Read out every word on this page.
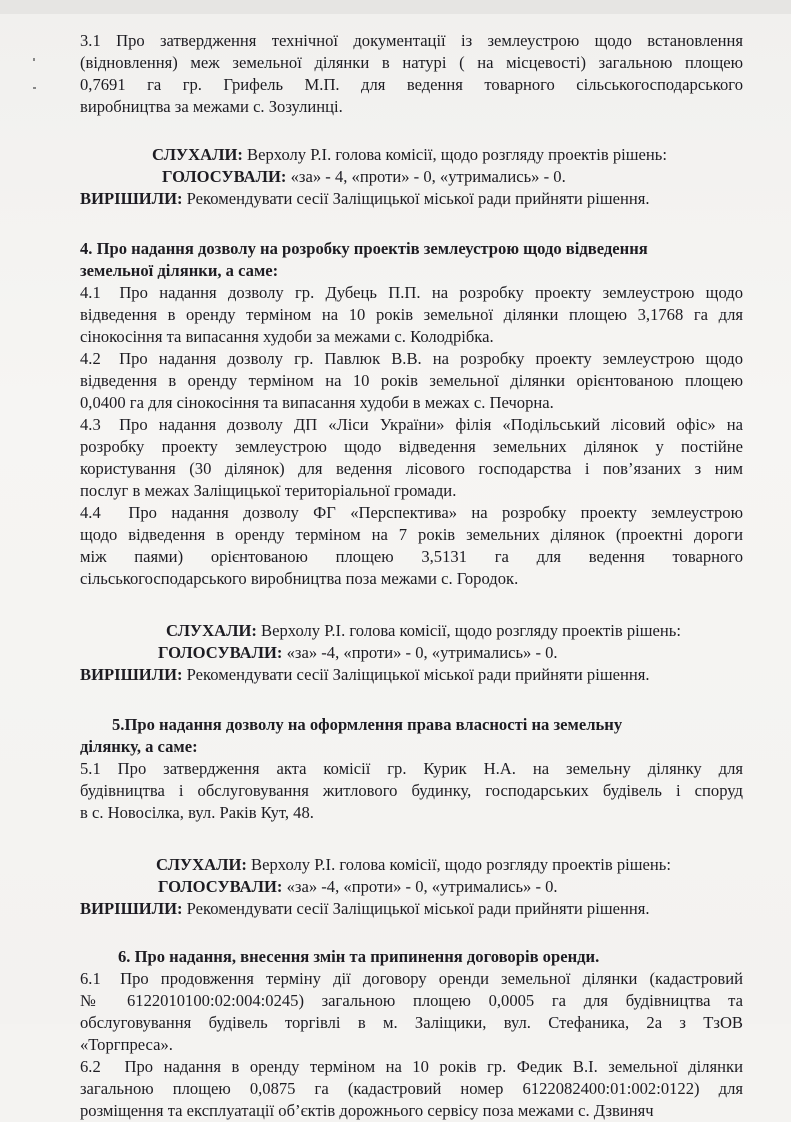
3.1 Про затвердження технічної документації із землеустрою щодо встановлення

(відновлення) меж земельної ділянки в натурі ( на місцевості) загальною площею

0,7691 га гр. Грифель М.П. для ведення товарного сільськогосподарського

виробництва за межами с. Зозулинці.

СЛУХАЛИ: Верхолу Р.І. голова комісії, щодо розгляду проектів рішень:

ГОЛОСУВАЛИ: «за» - 4, «проти» - 0, «утримались» - 0.

ВИРІШИЛИ: Рекомендувати сесії Заліщицької міської ради прийняти рішення.

4. Про надання дозволу на розробку проектів землеустрою щодо відведення

земельної ділянки, а саме:

4.1 Про надання дозволу гр. Дубець П.П. на розробку проекту землеустрою щодо

відведення в оренду терміном на 10 років земельної ділянки площею 3,1768 га для

сінокосіння та випасання худоби за межами с. Колодрібка.

4.2 Про надання дозволу гр. Павлюк В.В. на розробку проекту землеустрою щодо

відведення в оренду терміном на 10 років земельної ділянки орієнтованою площею

0,0400 га для сінокосіння та випасання худоби в межах с. Печорна.

4.3 Про надання дозволу ДП «Ліси України» філія «Подільський лісовий офіс» на

розробку проекту землеустрою щодо відведення земельних ділянок у постійне

користування (30 ділянок) для ведення лісового господарства і пов’язаних з ним

послуг в межах Заліщицької територіальної громади.

4.4 Про надання дозволу ФГ «Перспектива» на розробку проекту землеустрою

щодо відведення в оренду терміном на 7 років земельних ділянок (проектні дороги

між паями) орієнтованою площею 3,5131 га для ведення товарного

сільськогосподарського виробництва поза межами с. Городок.

СЛУХАЛИ: Верхолу Р.І. голова комісії, щодо розгляду проектів рішень:

ГОЛОСУВАЛИ: «за» -4, «проти» - 0, «утримались» - 0.

ВИРІШИЛИ: Рекомендувати сесії Заліщицької міської ради прийняти рішення.

5.Про надання дозволу на оформлення права власності на земельну

ділянку, а саме:

5.1 Про затвердження акта комісії гр. Курик Н.А. на земельну ділянку для

будівництва і обслуговування житлового будинку, господарських будівель і споруд

в с. Новосілка, вул. Раків Кут, 48.

СЛУХАЛИ: Верхолу Р.І. голова комісії, щодо розгляду проектів рішень:

ГОЛОСУВАЛИ: «за» -4, «проти» - 0, «утримались» - 0.

ВИРІШИЛИ: Рекомендувати сесії Заліщицької міської ради прийняти рішення.

6. Про надання, внесення змін та припинення договорів оренди.

6.1 Про продовження терміну дії договору оренди земельної ділянки (кадастровий

№ 6122010100:02:004:0245) загальною площею 0,0005 га для будівництва та

обслуговування будівель торгівлі в м. Заліщики, вул. Стефаника, 2а з ТзОВ

«Торгпреса».

6.2 Про надання в оренду терміном на 10 років гр. Федик В.І. земельної ділянки

загальною площею 0,0875 га (кадастровий номер 6122082400:01:002:0122) для

розміщення та експлуатації об’єктів дорожнього сервісу поза межами с. Дзвиняч
